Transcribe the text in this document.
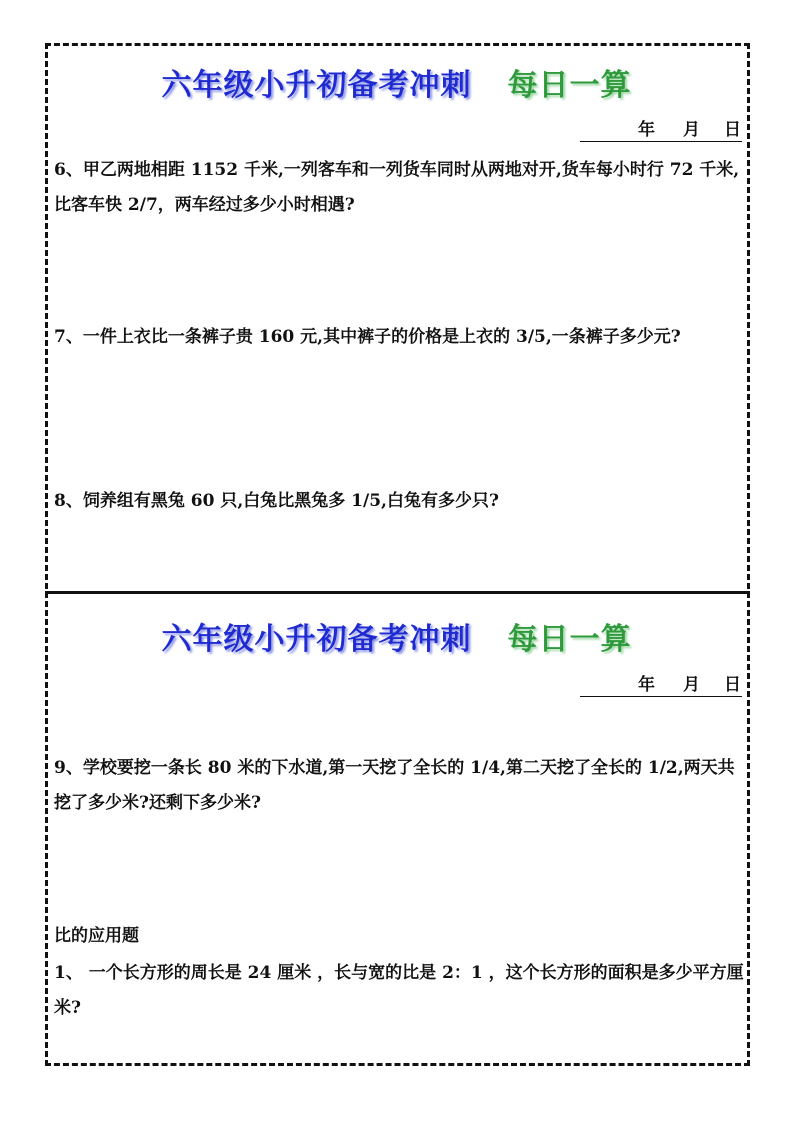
六年级小升初备考冲刺 每日一算
年 月 日

6、甲乙两地相距 1152 千米,一列客车和一列货车同时从两地对开,货车每小时行 72 千米,比客车快 2/7，两车经过多少小时相遇?

7、一件上衣比一条裤子贵 160 元,其中裤子的价格是上衣的 3/5,一条裤子多少元?

8、饲养组有黑兔 60 只,白兔比黑兔多 1/5,白兔有多少只?

六年级小升初备考冲刺 每日一算
年 月 日

9、学校要挖一条长 80 米的下水道,第一天挖了全长的 1/4,第二天挖了全长的 1/2,两天共挖了多少米?还剩下多少米?

比的应用题

1、 一个长方形的周长是 24 厘米 ，长与宽的比是 2：1 ，这个长方形的面积是多少平方厘米?
